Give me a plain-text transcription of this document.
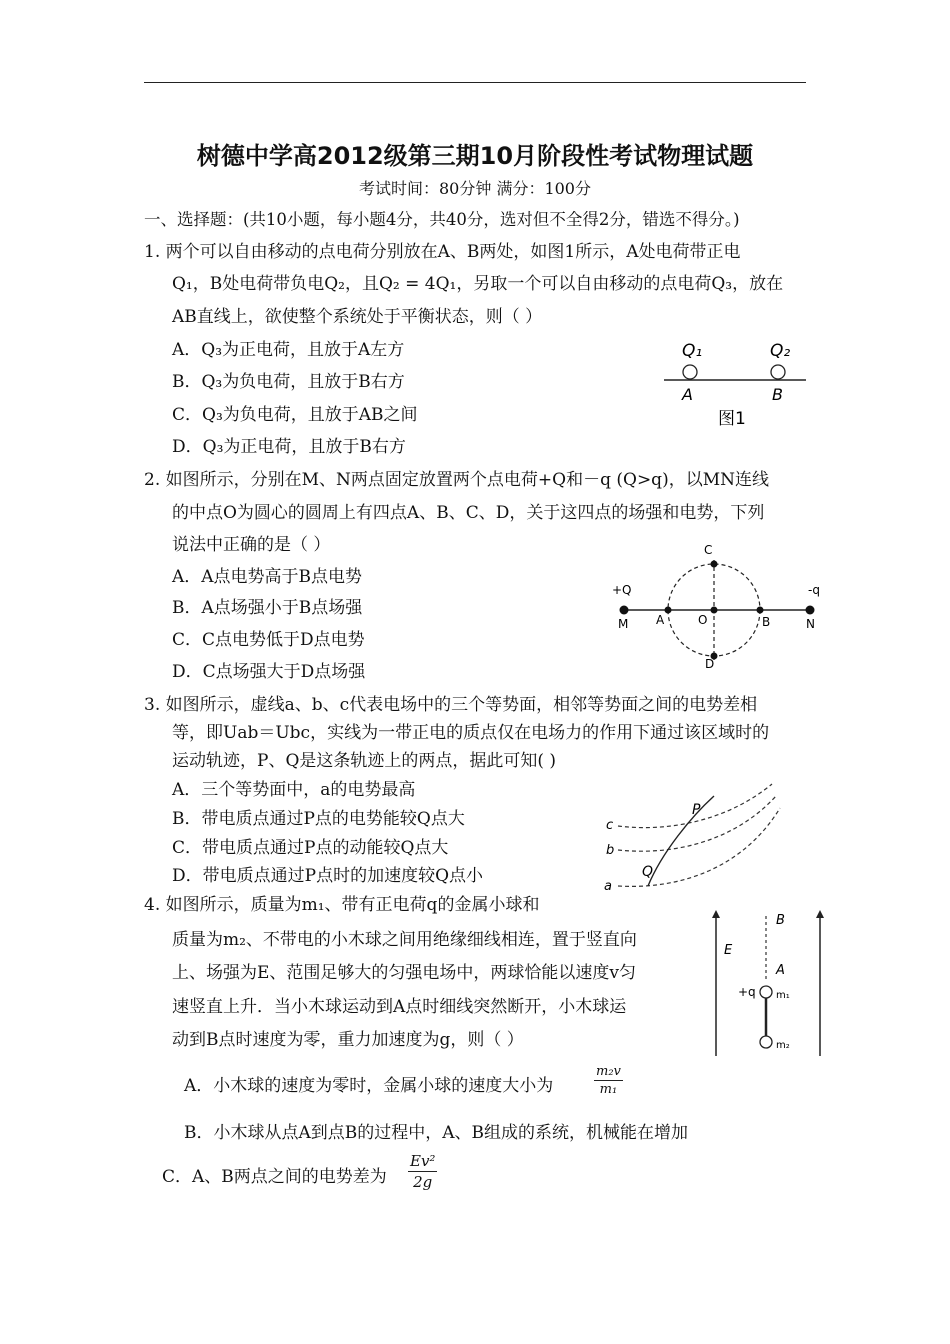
树德中学高2012级第三期10月阶段性考试物理试题
考试时间：80分钟 满分：100分
一、选择题：(共10小题，每小题4分，共40分，选对但不全得2分，错选不得分。)
1. 两个可以自由移动的点电荷分别放在A、B两处，如图1所示，A处电荷带正电
Q₁，B处电荷带负电Q₂，且Q₂ = 4Q₁，另取一个可以自由移动的点电荷Q₃，放在
AB直线上，欲使整个系统处于平衡状态，则（ ）
A．Q₃为正电荷，且放于A左方
B．Q₃为负电荷，且放于B右方
C．Q₃为负电荷，且放于AB之间
D．Q₃为正电荷，且放于B右方
Q₁	Q₂
A	B
图1
2. 如图所示，分别在M、N两点固定放置两个点电荷+Q和－q (Q>q)，以MN连线
的中点O为圆心的圆周上有四点A、B、C、D，关于这四点的场强和电势，下列
说法中正确的是（ ）
A．A点电势高于B点电势
B．A点场强小于B点场强
C．C点电势低于D点电势
D．C点场强大于D点场强
+Q	-q
M	N
A	B
O
C
D
3. 如图所示，虚线a、b、c代表电场中的三个等势面，相邻等势面之间的电势差相
等，即Uab＝Ubc，实线为一带正电的质点仅在电场力的作用下通过该区域时的
运动轨迹，P、Q是这条轨迹上的两点，据此可知( )
A．三个等势面中，a的电势最高
B．带电质点通过P点的电势能较Q点大
C．带电质点通过P点的动能较Q点大
D．带电质点通过P点时的加速度较Q点小
P
Q
c
b
a
4. 如图所示，质量为m₁、带有正电荷q的金属小球和
质量为m₂、不带电的小木球之间用绝缘细线相连，置于竖直向
上、场强为E、范围足够大的匀强电场中，两球恰能以速度v匀
速竖直上升．当小木球运动到A点时细线突然断开，小木球运
动到B点时速度为零，重力加速度为g，则（ ）
A．小木球的速度为零时，金属小球的速度大小为	$\frac{\text{m₂v}}{\text{m₁}}$
B．小木球从点A到点B的过程中，A、B组成的系统，机械能在增加
C．A、B两点之间的电势差为 $\frac{\text{Ev²}}{2g}$
E
B
A
+q m₁
m₂
